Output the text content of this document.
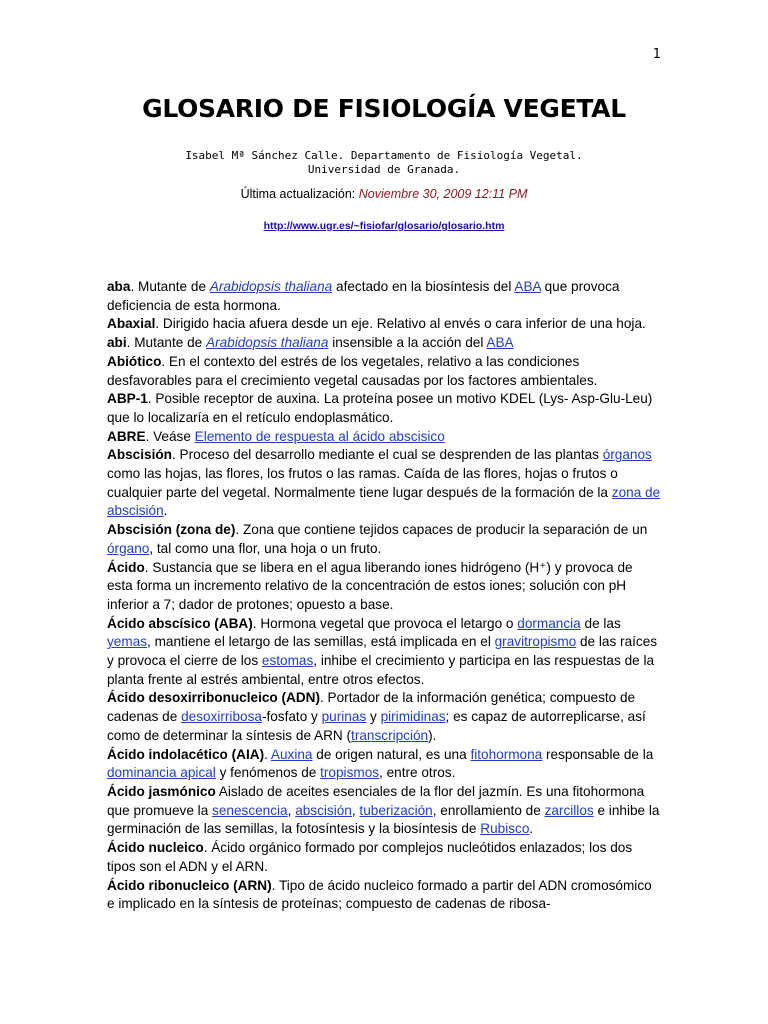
1
GLOSARIO DE FISIOLOGÍA VEGETAL
Isabel Mª Sánchez Calle. Departamento de Fisiología Vegetal.
Universidad de Granada.
Última actualización: Noviembre 30, 2009 12:11 PM
http://www.ugr.es/~fisiofar/glosario/glosario.htm

aba. Mutante de Arabidopsis thaliana afectado en la biosíntesis del ABA que provoca deficiencia de esta hormona.

Abaxial. Dirigido hacia afuera desde un eje. Relativo al envés o cara inferior de una hoja.

abi. Mutante de Arabidopsis thaliana insensible a la acción del ABA

Abiótico. En el contexto del estrés de los vegetales, relativo a las condiciones desfavorables para el crecimiento vegetal causadas por los factores ambientales.

ABP-1. Posible receptor de auxina. La proteína posee un motivo KDEL (Lys- Asp-Glu-Leu) que lo localizaría en el retículo endoplasmático.

ABRE. Veáse Elemento de respuesta al ácido abscisico

Abscisión. Proceso del desarrollo mediante el cual se desprenden de las plantas órganos como las hojas, las flores, los frutos o las ramas. Caída de las flores, hojas o frutos o cualquier parte del vegetal. Normalmente tiene lugar después de la formación de la zona de abscisión.

Abscisión (zona de). Zona que contiene tejidos capaces de producir la separación de un órgano, tal como una flor, una hoja o un fruto.

Ácido. Sustancia que se libera en el agua liberando iones hidrógeno (H⁺) y provoca de esta forma un incremento relativo de la concentración de estos iones; solución con pH inferior a 7; dador de protones; opuesto a base.

Ácido abscísico (ABA). Hormona vegetal que provoca el letargo o dormancia de las yemas, mantiene el letargo de las semillas, está implicada en el gravitropismo de las raíces y provoca el cierre de los estomas, inhibe el crecimiento y participa en las respuestas de la planta frente al estrés ambiental, entre otros efectos.

Ácido desoxirribonucleico (ADN). Portador de la información genética; compuesto de cadenas de desoxirribosa-fosfato y purinas y pirimidinas; es capaz de autorreplicarse, así como de determinar la síntesis de ARN (transcripción).

Ácido indolacético (AIA). Auxina de origen natural, es una fitohormona responsable de la dominancia apical y fenómenos de tropismos, entre otros.

Ácido jasmónico Aislado de aceites esenciales de la flor del jazmín. Es una fitohormona que promueve la senescencia, abscisión, tuberización, enrollamiento de zarcillos e inhibe la germinación de las semillas, la fotosíntesis y la biosíntesis de Rubisco.

Ácido nucleico. Ácido orgánico formado por complejos nucleótidos enlazados; los dos tipos son el ADN y el ARN.

Ácido ribonucleico (ARN). Tipo de ácido nucleico formado a partir del ADN cromosómico e implicado en la síntesis de proteínas; compuesto de cadenas de ribosa-
